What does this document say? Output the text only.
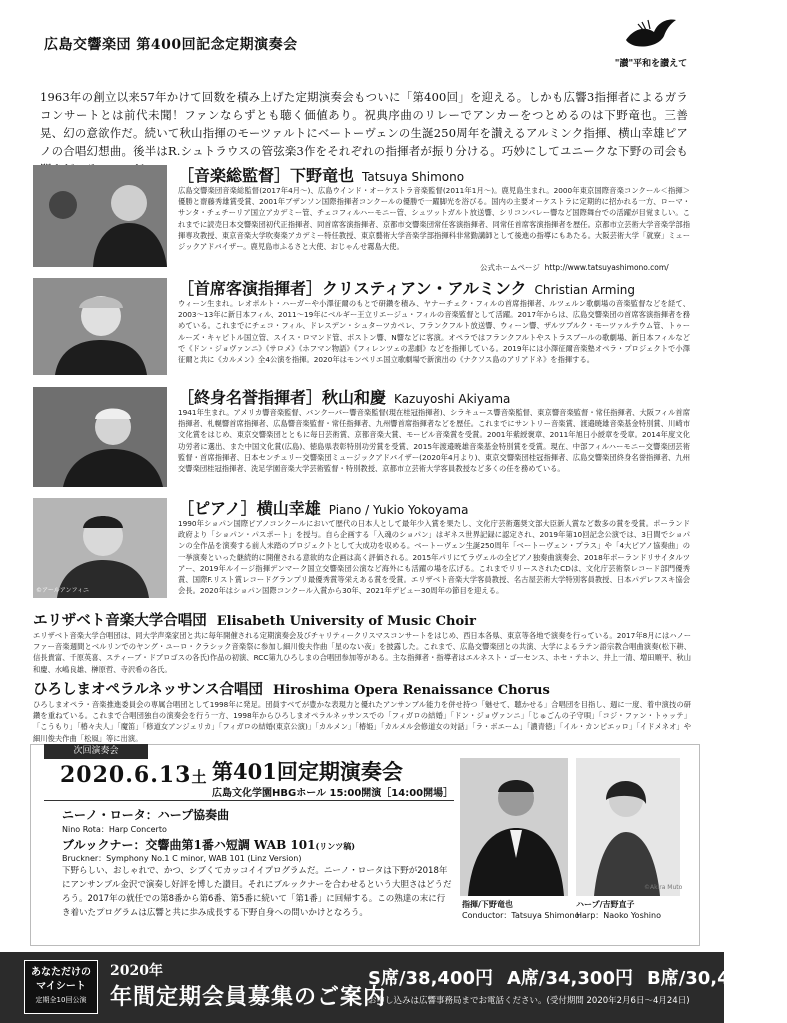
広島交響楽団 第400回記念定期演奏会
"讃"平和を讃えて
1963年の創立以来57年かけて回数を積み上げた定期演奏会もついに「第400回」を迎える。しかも広響3指揮者によるガラコンサートとは前代未聞！ファンならずとも聴く価値あり。祝典序曲のリレーでアンカーをつとめるのは下野竜也。三善晃、幻の意欲作だ。続いて秋山指揮のモーツァルトにベートーヴェンの生誕250周年を讃えるアルミンク指揮、横山幸雄ピアノの合唱幻想曲。後半はR.シュトラウスの管弦楽3作をそれぞれの指揮者が振り分ける。巧妙にしてユニークな下野の司会も
［音楽総監督］下野竜也 Tatsuya Shimono
広島交響楽団音楽総監督(2017年4月〜)、広島ウインド・オーケストラ音楽監督(2011年1月〜)。鹿児島生まれ。2000年東京国際音楽コンクール＜指揮＞優勝と齋藤秀雄賞受賞、2001年ブザンソン国際指揮者コンクールの優勝で一躍脚光を浴びる。国内の主要オーケストラに定期的に招かれる一方、ローマ・サンタ・チェチーリア国立アカデミー管、チェコフィルハーモニー管、シュツットガルト放送響、シリコンバレー響など国際舞台での活躍が目覚ましい。これまでに読売日本交響楽団初代正指揮者、同首席客演指揮者、京都市交響楽団常任客演指揮者、同常任首席客演指揮者を歴任。京都市立芸術大学音楽学部指揮専攻教授、東京音楽大学吹奏楽アカデミー特任教授、東京藝術大学音楽学部指揮科非常勤講師として後進の指導にもあたる。大阪芸術大学「就寮」ミュージックアドバイザー。鹿児島市ふるさと大使、おじゃんせ霧島大使。
公式ホームページ http://www.tatsuyashimono.com/
［首席客演指揮者］クリスティアン・アルミンク Christian Arming
ウィーン生まれ。レオポルト・ハーガーや小澤征爾のもとで研鑽を積み、ヤナーチェク・フィルの首席指揮者、ルツェルン歌劇場の音楽監督などを経て、2003〜13年に新日本フィル、2011〜19年にベルギー王立リエージュ・フィルの音楽監督として活躍。2017年からは、広島交響楽団の首席客演指揮者を務めている。これまでにチェコ・フィル、ドレスデン・シュターツカペレ、フランクフルト放送響、ウィーン響、ザルツブルク・モーツァルテウム管、トゥールーズ・キャピトル国立管、スイス・ロマンド管、ボストン響、N響などに客演。オペラではフランクフルトやストラスブールの歌劇場、新日本フィルなどで《ドン・ジョヴァンニ》《サロメ》《ホフマン物語》《フィレンツェの悲劇》などを指揮している。2019年には小澤征爾音楽塾オペラ・プロジェクトで小澤征爾と共に《カルメン》全4公演を指揮。2020年はモンペリエ国立歌劇場で新演出の《ナクソス島のアリアドネ》を指揮する。
［終身名誉指揮者］秋山和慶 Kazuyoshi Akiyama
1941年生まれ。アメリカ響音楽監督、バンクーバー響音楽監督(現在桂冠指揮者)、シラキュース響音楽監督、東京響音楽監督・常任指揮者、大阪フィル首席指揮者、札幌響首席指揮者、広島響音楽監督・常任指揮者、九州響首席指揮者などを歴任。これまでにサントリー音楽賞、渡邉暁雄音楽基金特別賞、川崎市文化賞をはじめ、東京交響楽団とともに毎日芸術賞、京都音楽大賞、モービル音楽賞を受賞。2001年紫綬褒章、2011年旭日小綬章を受章。2014年度文化功労者に選出、また中国文化賞(広島)、徳島県表彰特別功労賞を受賞、2015年渡邉暁雄音楽基金特別賞を受賞。現在、中部フィルハーモニー交響楽団芸術監督・首席指揮者、日本センチュリー交響楽団ミュージックアドバイザー(2020年4月より)、東京交響楽団桂冠指揮者、広島交響楽団終身名誉指揮者、九州交響楽団桂冠指揮者、洗足学園音楽大学芸術監督・特別教授、京都市立芸術大学客員教授など多くの任を務めている。
©アールアンフィニ
［ピアノ］横山幸雄 Piano / Yukio Yokoyama
1990年ショパン国際ピアノコンクールにおいて歴代の日本人として最年少入賞を果たし、文化庁芸術選奨文部大臣新人賞など数多の賞を受賞。ポーランド政府より「ショパン・パスポート」を授与。自ら企画する「入魂のショパン」はギネス世界記録に認定され、2019年第10回記念公演では、3日間でショパンの全作品を演奏する前人未踏のプロジェクトとして大成功を収める。ベートーヴェン生誕250周年「ベートーヴェン・プラス」や「4大ピアノ協奏曲」の一挙演奏といった継続的に開催される意欲的な企画は高く評価される。2015年パリにてラヴェルの全ピアノ独奏曲演奏会、2018年ボーランドリサイタルツアー、2019年ルイージ指揮デンマーク国立交響楽団公演など海外にも活躍の場を広げる。これまでリリースされたCDは、文化庁芸術祭レコード部門優秀賞、国際F.リスト賞レコードグランプリ最優秀賞等栄えある賞を受賞。エリザベト音楽大学客員教授、名古屋芸術大学特別客員教授、日本パデレフスキ協会会長。2020年はショパン国際コンクール入賞から30年、2021年デビュー30周年の節目を迎える。
エリザベト音楽大学合唱団 Elisabeth University of Music Choir
エリザベト音楽大学合唱団は、同大学声楽家団と共に毎年開催される定期演奏会及びチャリティークリスマスコンサートをはじめ、西日本各県、東京等各地で演奏を行っている。2017年8月にはハノーファー音楽週間とベルリンでのヤング・ユーロ・クラシック音楽祭に参加し細川俊夫作曲「星のない夜」を披露した。これまで、広島交響楽団との共演、大学によるラテン語宗教合唱曲演奏(松下耕、信長貴富、千原英喜、スティーブ・ドブロゴスの各氏)作品の初演、RCC第九ひろしまの合唱団参加等がある。主な指揮者・指導者はエルネスト・ゴーセンス、ホセ・テホン、井上一清、増田順平、秋山和慶、水嶋良雄、榊原哲、寺沢希の各氏。
ひろしまオペラルネッサンス合唱団 Hiroshima Opera Renaissance Chorus
ひろしまオペラ・音楽推進委員会の専属合唱団として1998年に発足。団員すべてが豊かな表現力と優れたアンサンブル能力を併せ持つ「魅せて、聴かせる」合唱団を目指し、週に一度、着中演技の研鑽を重ねている。これまで合唱団独自の演奏会を行う一方、1998年からひろしまオペラルネッサンスでの「フィガロの結婚」「ドン・ジョヴァンニ」「じゅごんの子守唄」「コジ・ファン・トゥッテ」「こうもり」「椿々夫人」「魔笛」「修道女アンジェリカ」「フィガロの結婚(東京公演)」「カルメン」「椿姫」「カルメル会修道女の対話」「ラ・ボエーム」「濃青徳」「イル・カンピエッロ」「イドメネオ」や細川俊夫作曲「松風」等に出演。
次回演奏会
2020.6.13土 第401回定期演奏会
広島文化学園HBGホール 15:00開演［14:00開場］
ニーノ・ロータ：ハープ協奏曲
Nino Rota：Harp Concerto
ブルックナー：交響曲第1番ハ短調 WAB 101(リンツ稿)
Bruckner：Symphony No.1 C minor, WAB 101 (Linz Version)
下野らしい、おしゃれで、かつ、シブくてカッコイイプログラムだ。ニーノ・ロータは下野が2018年にアンサンブル金沢で演奏し好評を博した讃目。それにブルックナーを合わせるという大胆さはどうだろう。2017年の就任での第8番から第6番、第5番に続いて「第1番」に回帰する。この熟達の末に行き着いたプログラムは広響と共に歩み成長する下野自身への問いかけとなろう。
©Akira Muto
指揮/下野竜也
Conductor：Tatsuya Shimono
ハープ/吉野直子
Harp：Naoko Yoshino
あなただけの
マイシート
定期全10回公演
2020年
年間定期会員募集のご案内
S席/38,400円 A席/34,300円 B席/30,400円
お申し込みは広響事務局までお電話ください。(受付期間 2020年2月6日〜4月24日)
